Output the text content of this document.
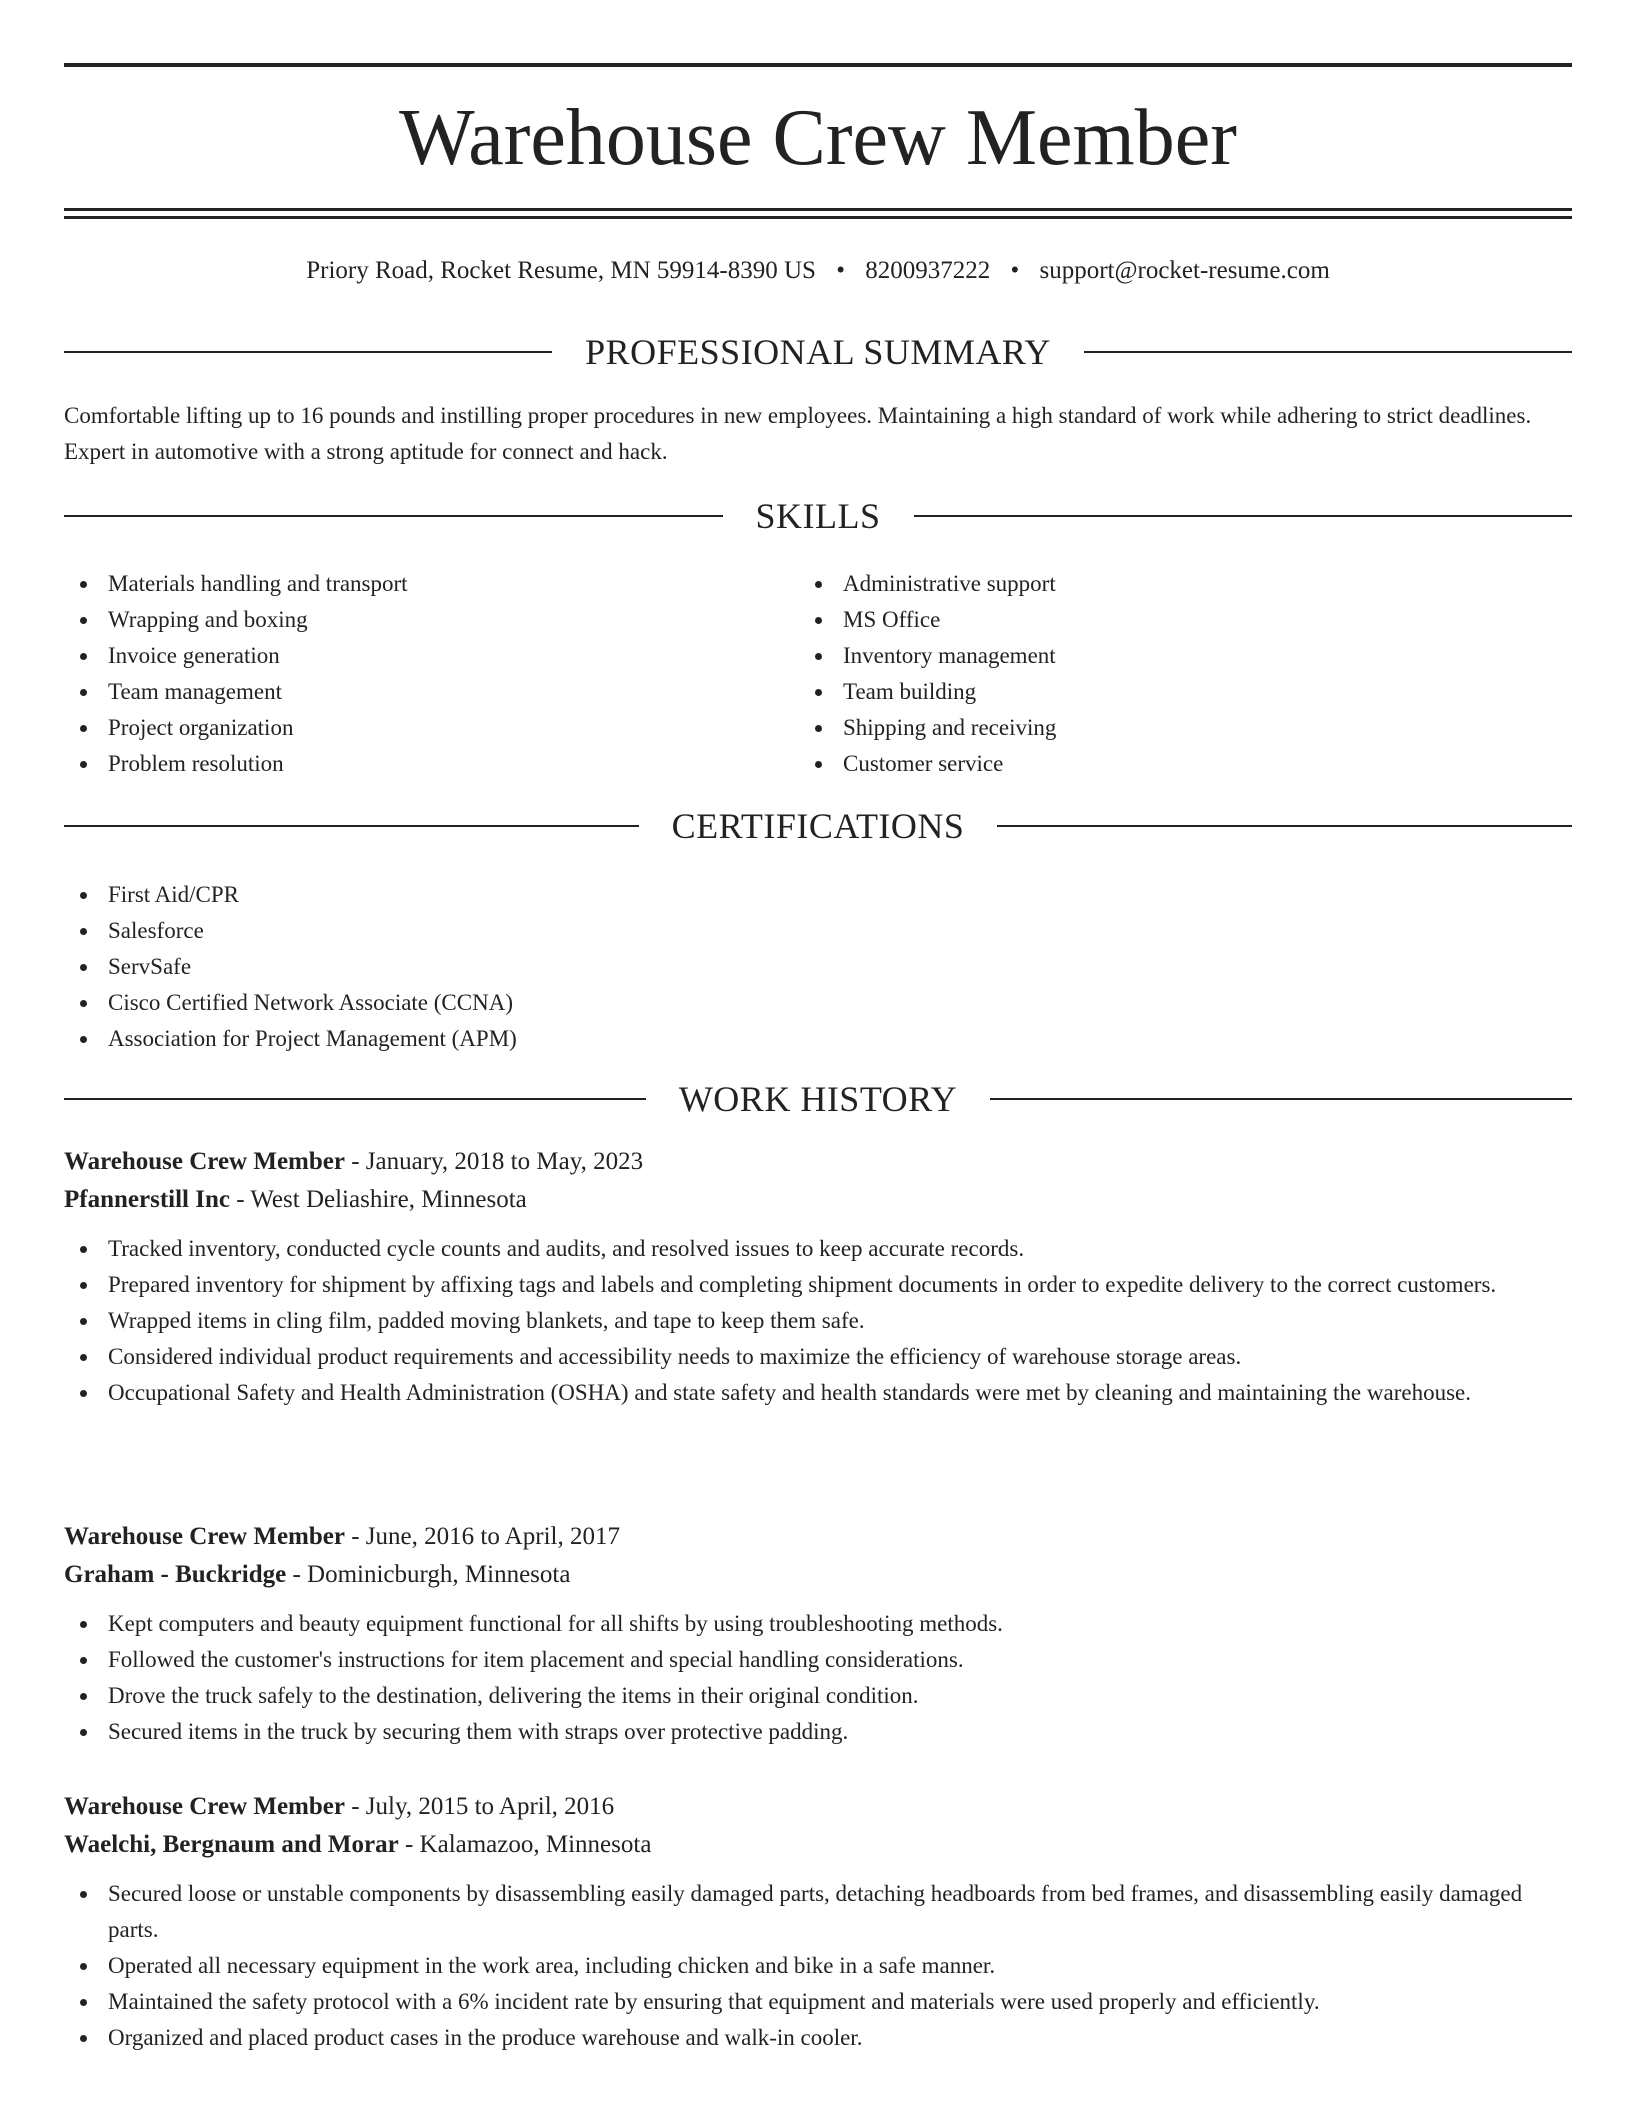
Warehouse Crew Member
Priory Road, Rocket Resume, MN 59914-8390 US • 8200937222 • support@rocket-resume.com
PROFESSIONAL SUMMARY

Comfortable lifting up to 16 pounds and instilling proper procedures in new employees. Maintaining a high standard of work while adhering to strict deadlines. Expert in automotive with a strong aptitude for connect and hack.

SKILLS
Materials handling and transport
Wrapping and boxing
Invoice generation
Team management
Project organization
Problem resolution
Administrative support
MS Office
Inventory management
Team building
Shipping and receiving
Customer service
CERTIFICATIONS
First Aid/CPR
Salesforce
ServSafe
Cisco Certified Network Associate (CCNA)
Association for Project Management (APM)
WORK HISTORY

Warehouse Crew Member - January, 2018 to May, 2023

Pfannerstill Inc - West Deliashire, Minnesota

Tracked inventory, conducted cycle counts and audits, and resolved issues to keep accurate records.
Prepared inventory for shipment by affixing tags and labels and completing shipment documents in order to expedite delivery to the correct customers.
Wrapped items in cling film, padded moving blankets, and tape to keep them safe.
Considered individual product requirements and accessibility needs to maximize the efficiency of warehouse storage areas.
Occupational Safety and Health Administration (OSHA) and state safety and health standards were met by cleaning and maintaining the warehouse.

Warehouse Crew Member - June, 2016 to April, 2017

Graham - Buckridge - Dominicburgh, Minnesota

Kept computers and beauty equipment functional for all shifts by using troubleshooting methods.
Followed the customer's instructions for item placement and special handling considerations.
Drove the truck safely to the destination, delivering the items in their original condition.
Secured items in the truck by securing them with straps over protective padding.

Warehouse Crew Member - July, 2015 to April, 2016

Waelchi, Bergnaum and Morar - Kalamazoo, Minnesota

Secured loose or unstable components by disassembling easily damaged parts, detaching headboards from bed frames, and disassembling easily damaged parts.
Operated all necessary equipment in the work area, including chicken and bike in a safe manner.
Maintained the safety protocol with a 6% incident rate by ensuring that equipment and materials were used properly and efficiently.
Organized and placed product cases in the produce warehouse and walk-in cooler.
